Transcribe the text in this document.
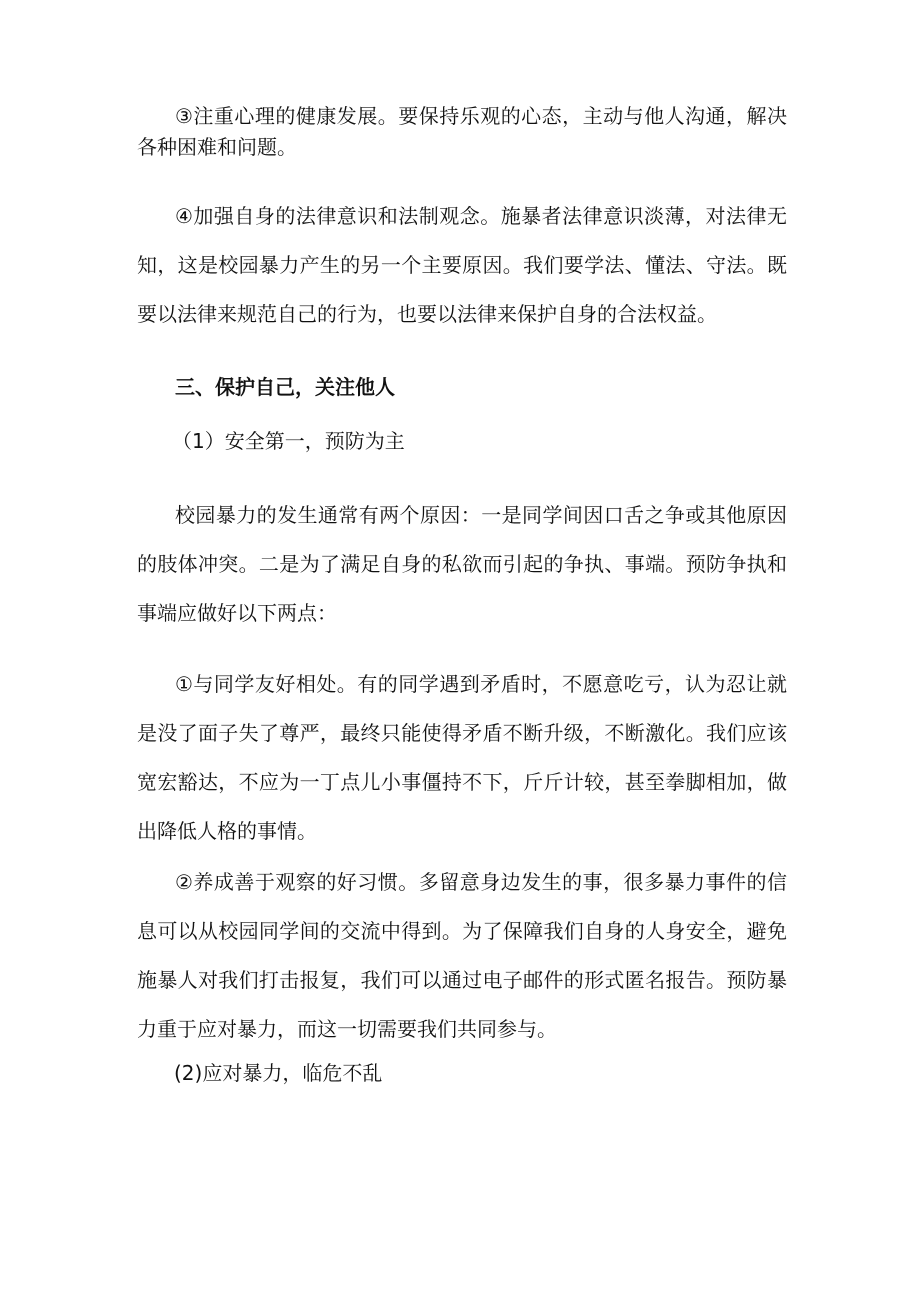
③注重心理的健康发展。要保持乐观的心态，主动与他人沟通，解决
各种困难和问题。
④加强自身的法律意识和法制观念。施暴者法律意识淡薄，对法律无
知，这是校园暴力产生的另一个主要原因。我们要学法、懂法、守法。既
要以法律来规范自己的行为，也要以法律来保护自身的合法权益。
三、保护自己，关注他人
（1）安全第一，预防为主
校园暴力的发生通常有两个原因：一是同学间因口舌之争或其他原因
的肢体冲突。二是为了满足自身的私欲而引起的争执、事端。预防争执和
事端应做好以下两点：
①与同学友好相处。有的同学遇到矛盾时，不愿意吃亏，认为忍让就
是没了面子失了尊严，最终只能使得矛盾不断升级，不断激化。我们应该
宽宏豁达，不应为一丁点儿小事僵持不下，斤斤计较，甚至拳脚相加，做
出降低人格的事情。
②养成善于观察的好习惯。多留意身边发生的事，很多暴力事件的信
息可以从校园同学间的交流中得到。为了保障我们自身的人身安全，避免
施暴人对我们打击报复，我们可以通过电子邮件的形式匿名报告。预防暴
力重于应对暴力，而这一切需要我们共同参与。
(2)应对暴力，临危不乱
